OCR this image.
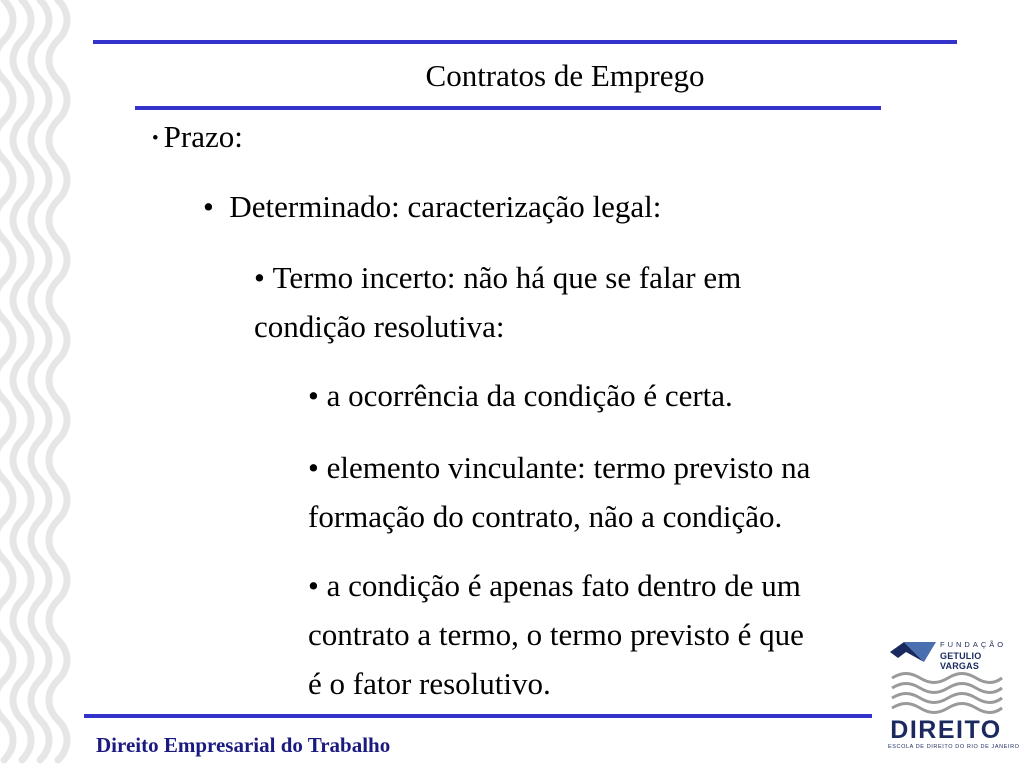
Contratos de Emprego
• Prazo:
• Determinado: caracterização legal:
• Termo incerto: não há que se falar em
condição resolutiva:
• a ocorrência da condição é certa.
• elemento vinculante: termo previsto na
formação do contrato, não a condição.
• a condição é apenas fato dentro de um
contrato a termo, o termo previsto é que
é o fator resolutivo.
Direito Empresarial do Trabalho
FUNDAÇÃO
GETULIO VARGAS
DIREITO
ESCOLA DE DIREITO DO RIO DE JANEIRO
